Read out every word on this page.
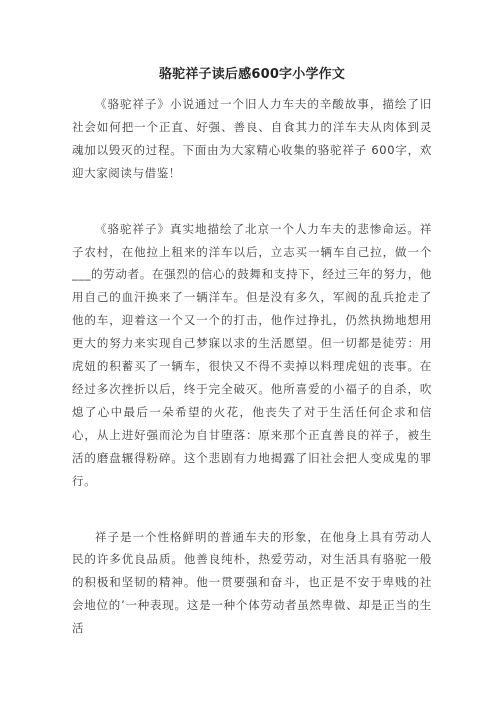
骆驼祥子读后感600字小学作文

《骆驼祥子》小说通过一个旧人力车夫的辛酸故事，描绘了旧社会如何把一个正直、好强、善良、自食其力的洋车夫从肉体到灵魂加以毁灭的过程。下面由为大家精心收集的骆驼祥子 600字，欢迎大家阅读与借鉴！

《骆驼祥子》真实地描绘了北京一个人力车夫的悲惨命运。祥子农村，在他拉上租来的洋车以后，立志买一辆车自己拉，做一个___的劳动者。在强烈的信心的鼓舞和支持下，经过三年的努力，他用自己的血汗换来了一辆洋车。但是没有多久，军阀的乱兵抢走了他的车，迎着这一个又一个的打击，他作过挣扎，仍然执拗地想用更大的努力来实现自己梦寐以求的生活愿望。但一切都是徒劳：用虎妞的积蓄买了一辆车，很快又不得不卖掉以料理虎妞的丧事。在经过多次挫折以后，终于完全破灭。他所喜爱的小福子的自杀，吹熄了心中最后一朵希望的火花，他丧失了对于生活任何企求和信心，从上进好强而沦为自甘堕落：原来那个正直善良的祥子，被生活的磨盘辗得粉碎。这个悲剧有力地揭露了旧社会把人变成鬼的罪行。

祥子是一个性格鲜明的普通车夫的形象，在他身上具有劳动人民的许多优良品质。他善良纯朴，热爱劳动，对生活具有骆驼一般的积极和坚韧的精神。他一贯要强和奋斗，也正是不安于卑贱的社会地位的’一种表现。这是一种个体劳动者虽然卑微、却是正当的生活
